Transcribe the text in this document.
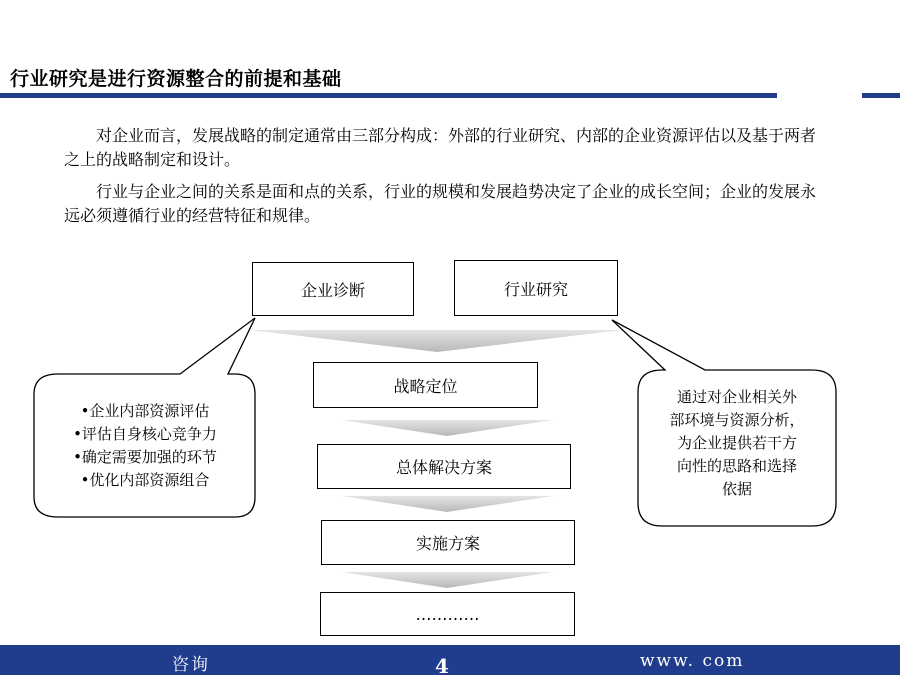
行业研究是进行资源整合的前提和基础
对企业而言，发展战略的制定通常由三部分构成：外部的行业研究、内部的企业资源评估以及基于两者之上的战略制定和设计。
行业与企业之间的关系是面和点的关系，行业的规模和发展趋势决定了企业的成长空间；企业的发展永远必须遵循行业的经营特征和规律。
企业诊断	行业研究
战略定位
总体解决方案
实施方案
…………
•企业内部资源评估
•评估自身核心竞争力
•确定需要加强的环节
•优化内部资源组合
通过对企业相关外
部环境与资源分析，
为企业提供若干方
向性的思路和选择
依据
咨询	4	www. com
